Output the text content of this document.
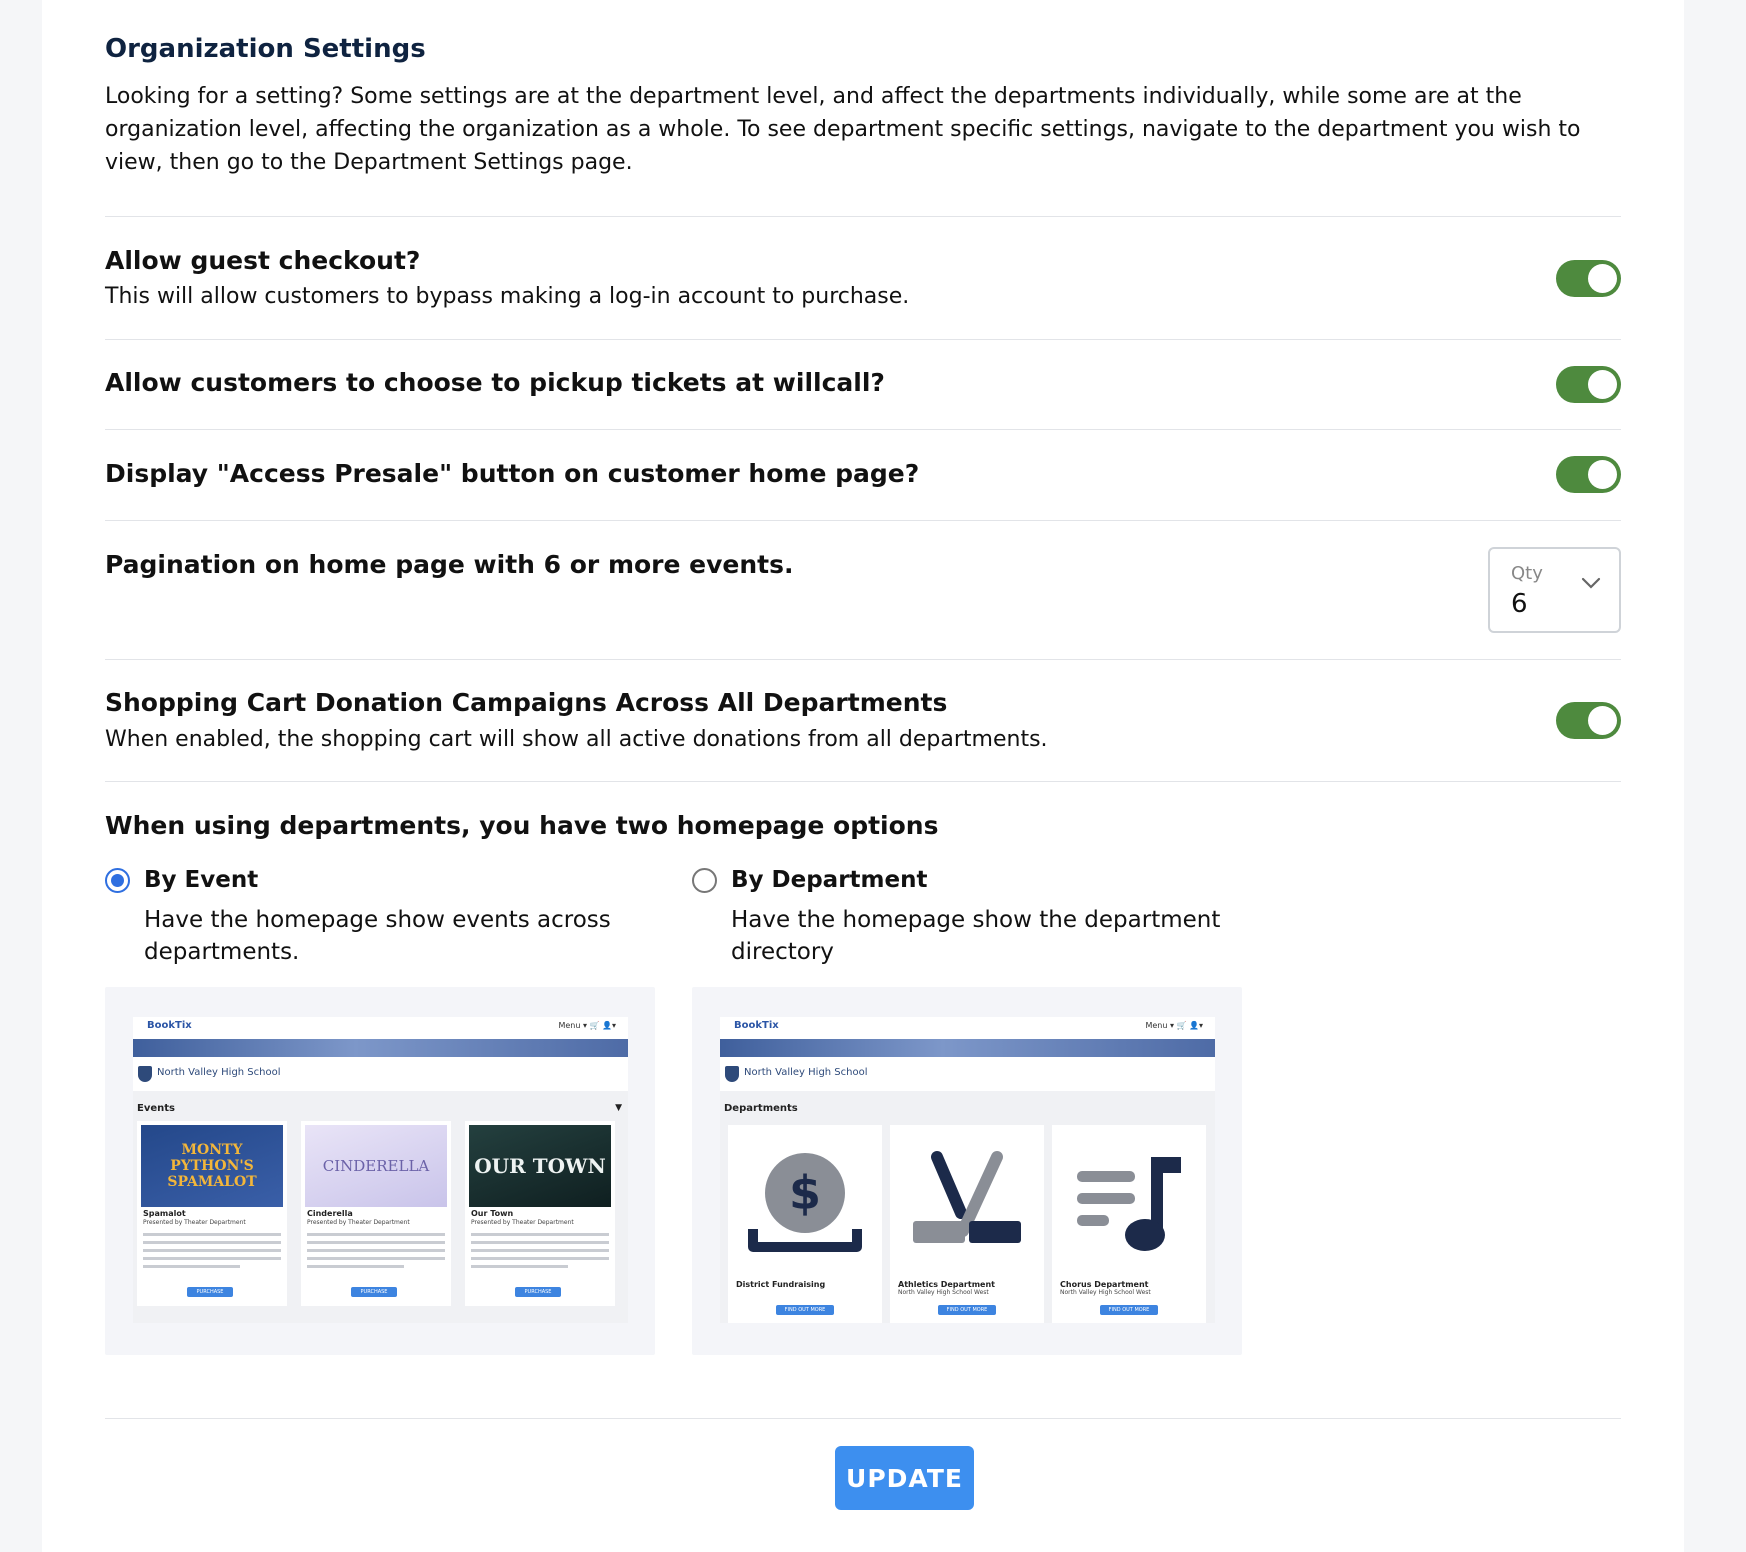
Organization Settings
Looking for a setting? Some settings are at the department level, and affect the departments individually, while some are at the organization level, affecting the organization as a whole. To see department specific settings, navigate to the department you wish to view, then go to the Department Settings page.
Allow guest checkout?
This will allow customers to bypass making a log-in account to purchase.
Allow customers to choose to pickup tickets at willcall?
Display "Access Presale" button on customer home page?
Pagination on home page with 6 or more events.	Qty
6
Shopping Cart Donation Campaigns Across All Departments
When enabled, the shopping cart will show all active donations from all departments.
When using departments, you have two homepage options
By Event
Have the homepage show events across departments.
By Department
Have the homepage show the department directory
BookTix	Menu ▾ 🛒 👤▾
North Valley High School
Events	▼
MONTY PYTHON'S SPAMALOT
Spamalot
Presented by Theater Department
PURCHASE
CINDERELLA
Cinderella
Presented by Theater Department
PURCHASE
OUR TOWN
Our Town
Presented by Theater Department
PURCHASE
BookTix	Menu ▾ 🛒 👤▾
North Valley High School
Departments
$
District Fundraising
FIND OUT MORE
Athletics Department
North Valley High School West
FIND OUT MORE
Chorus Department
North Valley High School West
FIND OUT MORE
UPDATE
